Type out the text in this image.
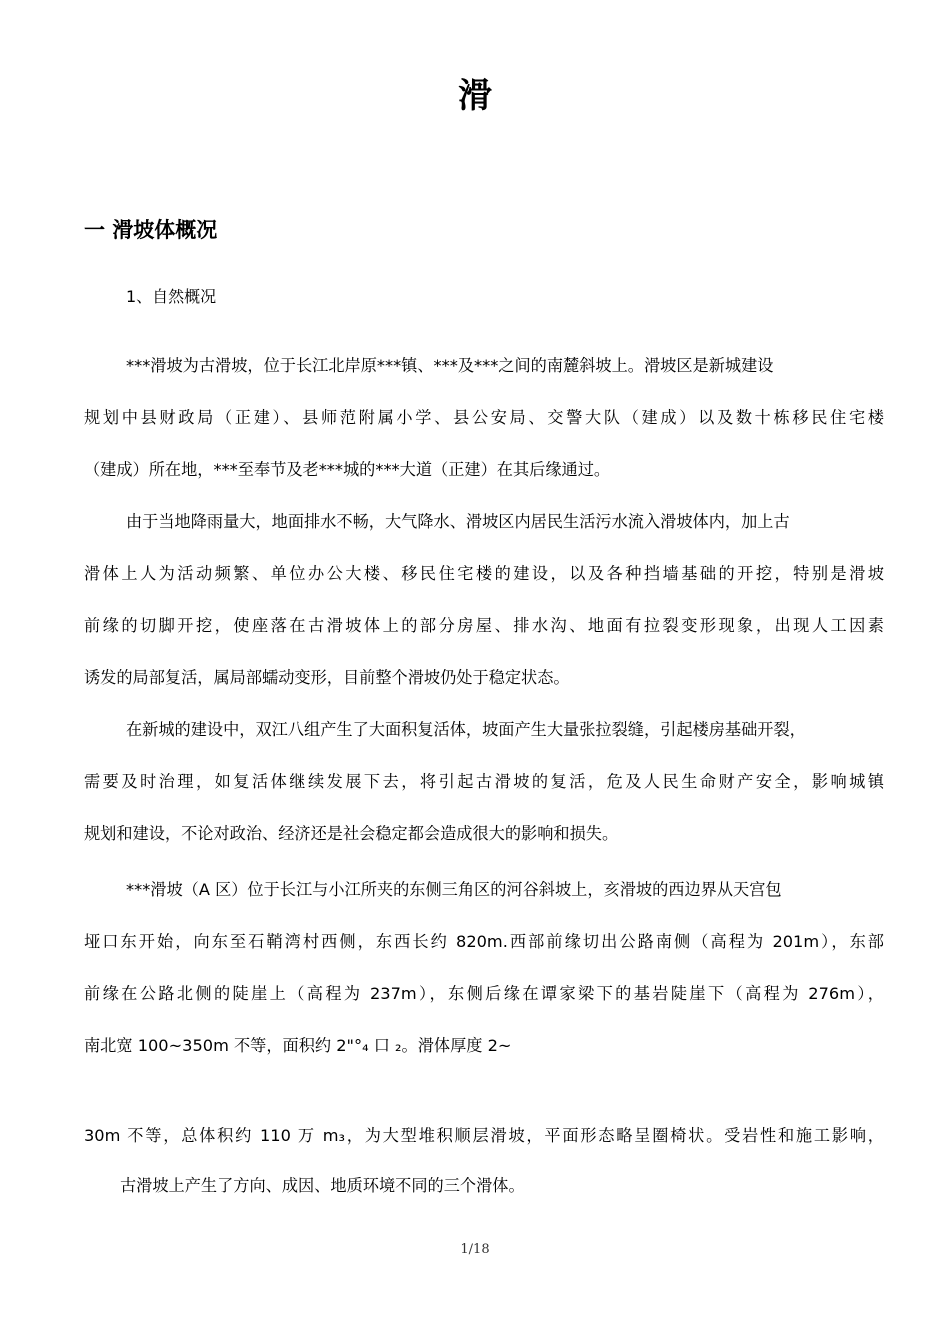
滑
一 滑坡体概况
1、自然概况
***滑坡为古滑坡，位于长江北岸原***镇、***及***之间的南麓斜坡上。滑坡区是新城建设
规划中县财政局（正建）、县师范附属小学、县公安局、交警大队（建成）以及数十栋移民住宅楼
（建成）所在地，***至奉节及老***城的***大道（正建）在其后缘通过。
由于当地降雨量大，地面排水不畅，大气降水、滑坡区内居民生活污水流入滑坡体内，加上古
滑体上人为活动频繁、单位办公大楼、移民住宅楼的建设，以及各种挡墙基础的开挖，特别是滑坡
前缘的切脚开挖，使座落在古滑坡体上的部分房屋、排水沟、地面有拉裂变形现象，出现人工因素
诱发的局部复活，属局部蠕动变形，目前整个滑坡仍处于稳定状态。
在新城的建设中，双江八组产生了大面积复活体，坡面产生大量张拉裂缝，引起楼房基础开裂，
需要及时治理，如复活体继续发展下去，将引起古滑坡的复活，危及人民生命财产安全，影响城镇
规划和建设，不论对政治、经济还是社会稳定都会造成很大的影响和损失。
***滑坡（A 区）位于长江与小江所夹的东侧三角区的河谷斜坡上，亥滑坡的西边界从天宫包
垭口东开始，向东至石鞘湾村西侧，东西长约 820m.西部前缘切出公路南侧（高程为 201m），东部
前缘在公路北侧的陡崖上（高程为 237m），东侧后缘在谭家梁下的基岩陡崖下（高程为 276m），
南北宽 100~350m 不等，面积约 2"°₄ 口 ₂。滑体厚度 2~
30m 不等，总体积约 110 万 m₃，为大型堆积顺层滑坡，平面形态略呈圈椅状。受岩性和施工影响，
古滑坡上产生了方向、成因、地质环境不同的三个滑体。
1/18
